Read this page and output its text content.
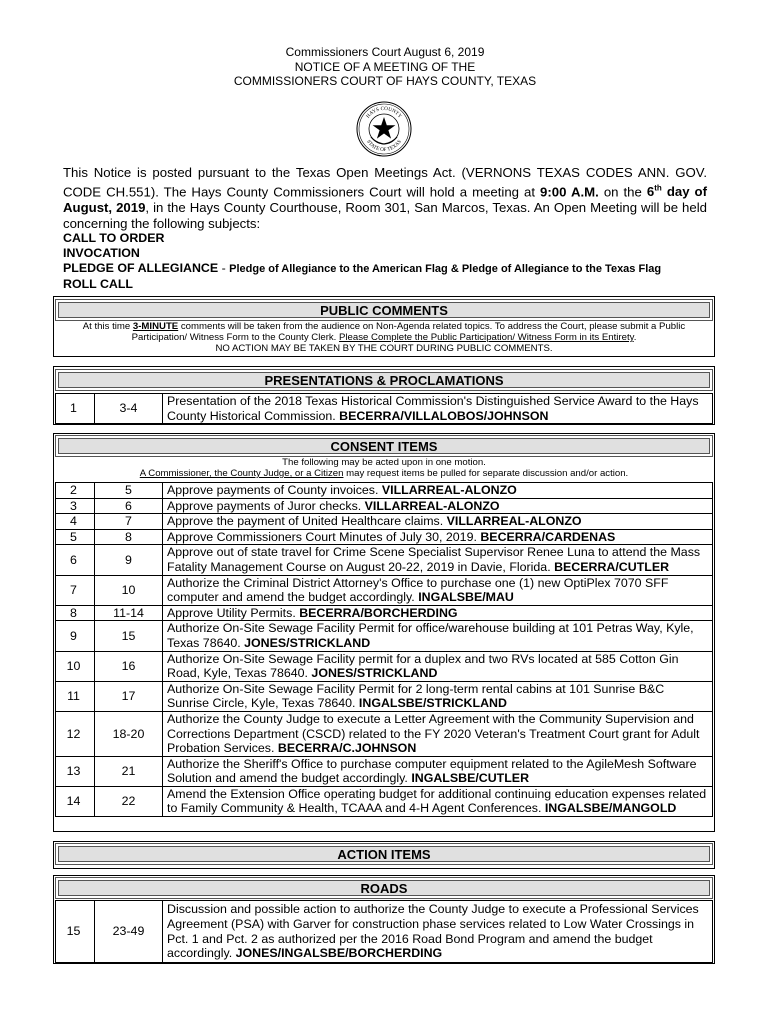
Commissioners Court August 6, 2019
NOTICE OF A MEETING OF THE
COMMISSIONERS COURT OF HAYS COUNTY, TEXAS
HAYS COUNTY
STATE OF TEXAS
This Notice is posted pursuant to the Texas Open Meetings Act. (VERNONS TEXAS CODES ANN. GOV. CODE CH.551). The Hays County Commissioners Court will hold a meeting at 9:00 A.M. on the 6th day of August, 2019, in the Hays County Courthouse, Room 301, San Marcos, Texas. An Open Meeting will be held concerning the following subjects:
CALL TO ORDER
INVOCATION
PLEDGE OF ALLEGIANCE - Pledge of Allegiance to the American Flag & Pledge of Allegiance to the Texas Flag
ROLL CALL
PUBLIC COMMENTS
At this time 3-MINUTE comments will be taken from the audience on Non-Agenda related topics. To address the Court, please submit a Public
Participation/ Witness Form to the County Clerk. Please Complete the Public Participation/ Witness Form in its Entirety.
NO ACTION MAY BE TAKEN BY THE COURT DURING PUBLIC COMMENTS.
PRESENTATIONS & PROCLAMATIONS
1	3-4	Presentation of the 2018 Texas Historical Commission's Distinguished Service Award to the Hays County Historical Commission. BECERRA/VILLALOBOS/JOHNSON
CONSENT ITEMS
The following may be acted upon in one motion.
A Commissioner, the County Judge, or a Citizen may request items be pulled for separate discussion and/or action.
2	5	Approve payments of County invoices. VILLARREAL-ALONZO
3	6	Approve payments of Juror checks. VILLARREAL-ALONZO
4	7	Approve the payment of United Healthcare claims. VILLARREAL-ALONZO
5	8	Approve Commissioners Court Minutes of July 30, 2019. BECERRA/CARDENAS
6	9	Approve out of state travel for Crime Scene Specialist Supervisor Renee Luna to attend the Mass Fatality Management Course on August 20-22, 2019 in Davie, Florida. BECERRA/CUTLER
7	10	Authorize the Criminal District Attorney's Office to purchase one (1) new OptiPlex 7070 SFF computer and amend the budget accordingly. INGALSBE/MAU
8	11-14	Approve Utility Permits. BECERRA/BORCHERDING
9	15	Authorize On-Site Sewage Facility Permit for office/warehouse building at 101 Petras Way, Kyle, Texas 78640. JONES/STRICKLAND
10	16	Authorize On-Site Sewage Facility permit for a duplex and two RVs located at 585 Cotton Gin Road, Kyle, Texas 78640. JONES/STRICKLAND
11	17	Authorize On-Site Sewage Facility Permit for 2 long-term rental cabins at 101 Sunrise B&C Sunrise Circle, Kyle, Texas 78640. INGALSBE/STRICKLAND
12	18-20	Authorize the County Judge to execute a Letter Agreement with the Community Supervision and Corrections Department (CSCD) related to the FY 2020 Veteran's Treatment Court grant for Adult Probation Services. BECERRA/C.JOHNSON
13	21	Authorize the Sheriff's Office to purchase computer equipment related to the AgileMesh Software Solution and amend the budget accordingly. INGALSBE/CUTLER
14	22	Amend the Extension Office operating budget for additional continuing education expenses related to Family Community & Health, TCAAA and 4-H Agent Conferences. INGALSBE/MANGOLD
ACTION ITEMS
ROADS
15	23-49	Discussion and possible action to authorize the County Judge to execute a Professional Services Agreement (PSA) with Garver for construction phase services related to Low Water Crossings in Pct. 1 and Pct. 2 as authorized per the 2016 Road Bond Program and amend the budget accordingly. JONES/INGALSBE/BORCHERDING
